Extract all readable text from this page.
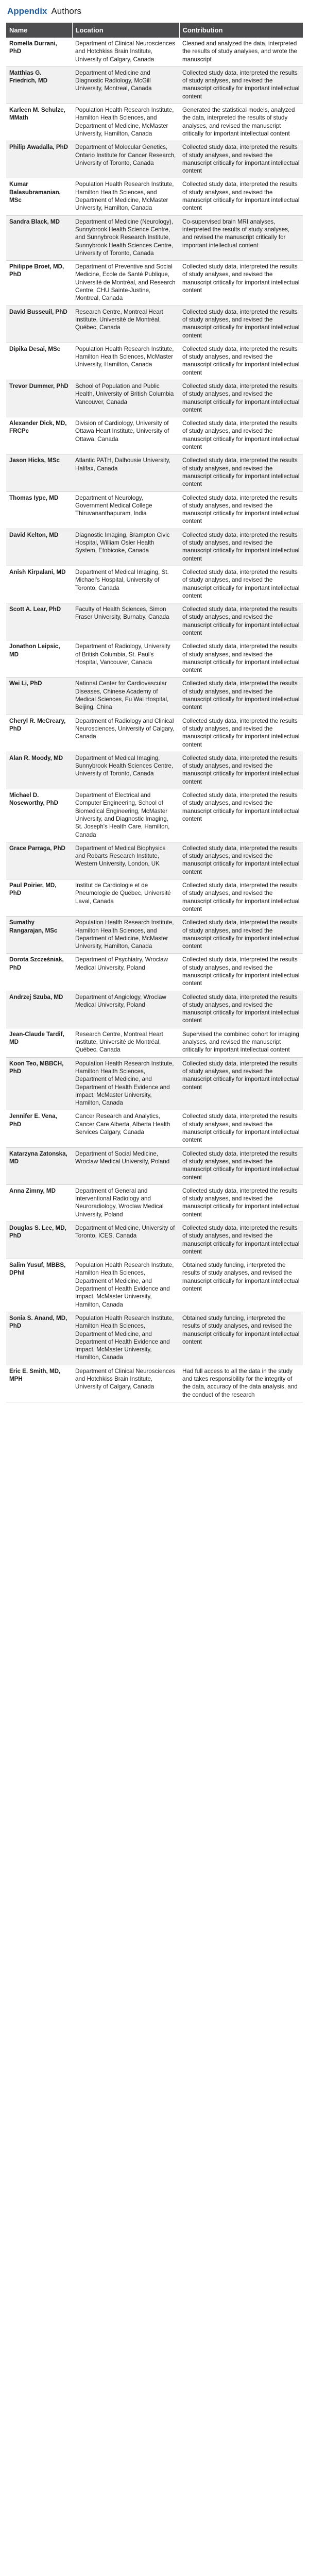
Appendix Authors
Name	Location	Contribution
Romella Durrani, PhD	Department of Clinical Neurosciences and Hotchkiss Brain Institute, University of Calgary, Canada	Cleaned and analyzed the data, interpreted the results of study analyses, and wrote the manuscript
Matthias G. Friedrich, MD	Department of Medicine and Diagnostic Radiology, McGill University, Montreal, Canada	Collected study data, interpreted the results of study analyses, and revised the manuscript critically for important intellectual content
Karleen M. Schulze, MMath	Population Health Research Institute, Hamilton Health Sciences, and Department of Medicine, McMaster University, Hamilton, Canada	Generated the statistical models, analyzed the data, interpreted the results of study analyses, and revised the manuscript critically for important intellectual content
Philip Awadalla, PhD	Department of Molecular Genetics, Ontario Institute for Cancer Research, University of Toronto, Canada	Collected study data, interpreted the results of study analyses, and revised the manuscript critically for important intellectual content
Kumar Balasubramanian, MSc	Population Health Research Institute, Hamilton Health Sciences, and Department of Medicine, McMaster University, Hamilton, Canada	Collected study data, interpreted the results of study analyses, and revised the manuscript critically for important intellectual content
Sandra Black, MD	Department of Medicine (Neurology), Sunnybrook Health Science Centre, and Sunnybrook Research Institute, Sunnybrook Health Sciences Centre, University of Toronto, Canada	Co-supervised brain MRI analyses, interpreted the results of study analyses, and revised the manuscript critically for important intellectual content
Philippe Broet, MD, PhD	Department of Preventive and Social Medicine, Ecole de Santé Publique, Université de Montréal, and Research Centre, CHU Sainte-Justine, Montreal, Canada	Collected study data, interpreted the results of study analyses, and revised the manuscript critically for important intellectual content
David Busseuil, PhD	Research Centre, Montreal Heart Institute, Université de Montréal, Québec, Canada	Collected study data, interpreted the results of study analyses, and revised the manuscript critically for important intellectual content
Dipika Desai, MSc	Population Health Research Institute, Hamilton Health Sciences, McMaster University, Hamilton, Canada	Collected study data, interpreted the results of study analyses, and revised the manuscript critically for important intellectual content
Trevor Dummer, PhD	School of Population and Public Health, University of British Columbia Vancouver, Canada	Collected study data, interpreted the results of study analyses, and revised the manuscript critically for important intellectual content
Alexander Dick, MD, FRCPc	Division of Cardiology, University of Ottawa Heart Institute, University of Ottawa, Canada	Collected study data, interpreted the results of study analyses, and revised the manuscript critically for important intellectual content
Jason Hicks, MSc	Atlantic PATH, Dalhousie University, Halifax, Canada	Collected study data, interpreted the results of study analyses, and revised the manuscript critically for important intellectual content
Thomas Iype, MD	Department of Neurology, Government Medical College Thiruvananthapuram, India	Collected study data, interpreted the results of study analyses, and revised the manuscript critically for important intellectual content
David Kelton, MD	Diagnostic Imaging, Brampton Civic Hospital, William Osler Health System, Etobicoke, Canada	Collected study data, interpreted the results of study analyses, and revised the manuscript critically for important intellectual content
Anish Kirpalani, MD	Department of Medical Imaging, St. Michael's Hospital, University of Toronto, Canada	Collected study data, interpreted the results of study analyses, and revised the manuscript critically for important intellectual content
Scott A. Lear, PhD	Faculty of Health Sciences, Simon Fraser University, Burnaby, Canada	Collected study data, interpreted the results of study analyses, and revised the manuscript critically for important intellectual content
Jonathon Leipsic, MD	Department of Radiology, University of British Columbia, St. Paul's Hospital, Vancouver, Canada	Collected study data, interpreted the results of study analyses, and revised the manuscript critically for important intellectual content
Wei Li, PhD	National Center for Cardiovascular Diseases, Chinese Academy of Medical Sciences, Fu Wai Hospital, Beijing, China	Collected study data, interpreted the results of study analyses, and revised the manuscript critically for important intellectual content
Cheryl R. McCreary, PhD	Department of Radiology and Clinical Neurosciences, University of Calgary, Canada	Collected study data, interpreted the results of study analyses, and revised the manuscript critically for important intellectual content
Alan R. Moody, MD	Department of Medical Imaging, Sunnybrook Health Sciences Centre, University of Toronto, Canada	Collected study data, interpreted the results of study analyses, and revised the manuscript critically for important intellectual content
Michael D. Noseworthy, PhD	Department of Electrical and Computer Engineering, School of Biomedical Engineering, McMaster University, and Diagnostic Imaging, St. Joseph's Health Care, Hamilton, Canada	Collected study data, interpreted the results of study analyses, and revised the manuscript critically for important intellectual content
Grace Parraga, PhD	Department of Medical Biophysics and Robarts Research Institute, Western University, London, UK	Collected study data, interpreted the results of study analyses, and revised the manuscript critically for important intellectual content
Paul Poirier, MD, PhD	Institut de Cardiologie et de Pneumologie de Québec, Université Laval, Canada	Collected study data, interpreted the results of study analyses, and revised the manuscript critically for important intellectual content
Sumathy Rangarajan, MSc	Population Health Research Institute, Hamilton Health Sciences, and Department of Medicine, McMaster University, Hamilton, Canada	Collected study data, interpreted the results of study analyses, and revised the manuscript critically for important intellectual content
Dorota Szcześniak, PhD	Department of Psychiatry, Wroclaw Medical University, Poland	Collected study data, interpreted the results of study analyses, and revised the manuscript critically for important intellectual content
Andrzej Szuba, MD	Department of Angiology, Wroclaw Medical University, Poland	Collected study data, interpreted the results of study analyses, and revised the manuscript critically for important intellectual content
Jean-Claude Tardif, MD	Research Centre, Montreal Heart Institute, Université de Montréal, Québec, Canada	Supervised the combined cohort for imaging analyses, and revised the manuscript critically for important intellectual content
Koon Teo, MBBCH, PhD	Population Health Research Institute, Hamilton Health Sciences, Department of Medicine, and Department of Health Evidence and Impact, McMaster University, Hamilton, Canada	Collected study data, interpreted the results of study analyses, and revised the manuscript critically for important intellectual content
Jennifer E. Vena, PhD	Cancer Research and Analytics, Cancer Care Alberta, Alberta Health Services Calgary, Canada	Collected study data, interpreted the results of study analyses, and revised the manuscript critically for important intellectual content
Katarzyna Zatonska, MD	Department of Social Medicine, Wroclaw Medical University, Poland	Collected study data, interpreted the results of study analyses, and revised the manuscript critically for important intellectual content
Anna Zimny, MD	Department of General and Interventional Radiology and Neuroradiology, Wroclaw Medical University, Poland	Collected study data, interpreted the results of study analyses, and revised the manuscript critically for important intellectual content
Douglas S. Lee, MD, PhD	Department of Medicine, University of Toronto, ICES, Canada	Collected study data, interpreted the results of study analyses, and revised the manuscript critically for important intellectual content
Salim Yusuf, MBBS, DPhil	Population Health Research Institute, Hamilton Health Sciences, Department of Medicine, and Department of Health Evidence and Impact, McMaster University, Hamilton, Canada	Obtained study funding, interpreted the results of study analyses, and revised the manuscript critically for important intellectual content
Sonia S. Anand, MD, PhD	Population Health Research Institute, Hamilton Health Sciences, Department of Medicine, and Department of Health Evidence and Impact, McMaster University, Hamilton, Canada	Obtained study funding, interpreted the results of study analyses, and revised the manuscript critically for important intellectual content
Eric E. Smith, MD, MPH	Department of Clinical Neurosciences and Hotchkiss Brain Institute, University of Calgary, Canada	Had full access to all the data in the study and takes responsibility for the integrity of the data, accuracy of the data analysis, and the conduct of the research
